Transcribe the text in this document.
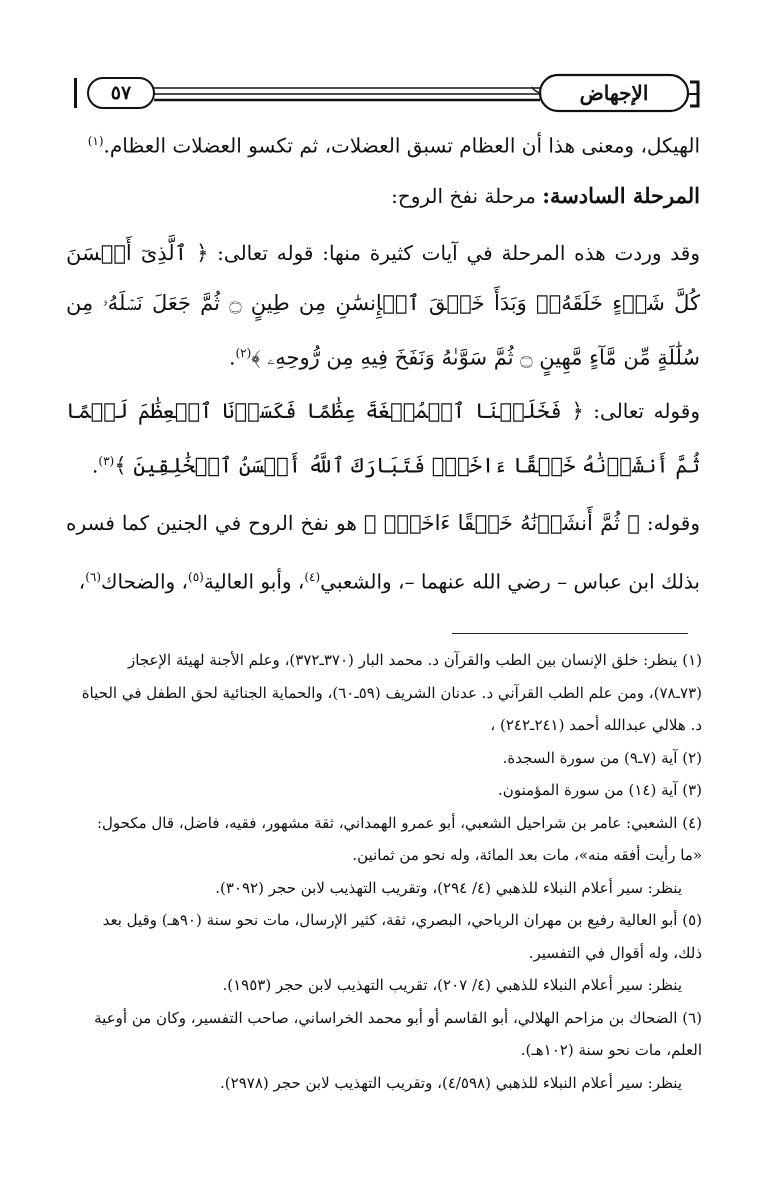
الإجهاض
٥٧
الهيكل، ومعنى هذا أن العظام تسبق العضلات، ثم تكسو العضلات العظام.$^{(١)}$
المرحلة السادسة: مرحلة نفخ الروح:
وقد وردت هذه المرحلة في آيات كثيرة منها: قوله تعالى: ﴿ ٱلَّذِىٓ أَحۡسَنَ كُلَّ شَىۡءٍ خَلَقَهُۥۖ وَبَدَأَ خَلۡقَ ٱلۡإِنسَٰنِ مِن طِينٍ ۝ ثُمَّ جَعَلَ نَسۡلَهُۥ مِن سُلَٰلَةٍ مِّن مَّآءٍ مَّهِينٍ ۝ ثُمَّ سَوَّىٰهُ وَنَفَخَ فِيهِ مِن رُّوحِهِۦ ﴾$^{(٢)}$.
وقوله تعالى: ﴿ فَخَلَقۡنَا ٱلۡمُضۡغَةَ عِظَٰمًا فَكَسَوۡنَا ٱلۡعِظَٰمَ لَحۡمًا ثُمَّ أَنشَأۡنَٰهُ خَلۡقًا ءَاخَرَۚ فَتَبَارَكَ ٱللَّهُ أَحۡسَنُ ٱلۡخَٰلِقِينَ ﴾$^{(٣)}$.
وقوله: ﴿ ثُمَّ أَنشَأۡنَٰهُ خَلۡقًا ءَاخَرَۚ ﴾ هو نفخ الروح في الجنين كما فسره بذلك ابن عباس – رضي الله عنهما –، والشعبي$^{(٤)}$، وأبو العالية$^{(٥)}$، والضحاك$^{(٦)}$،

(١) ينظر: خلق الإنسان بين الطب والقرآن د. محمد البار (٣٧٠ـ٣٧٢)، وعلم الأجنة لهيئة الإعجاز (٧٣ـ٧٨)، ومن علم الطب القرآني د. عدنان الشريف (٥٩ـ٦٠)، والحماية الجنائية لحق الطفل في الحياة د. هلالي عبدالله أحمد (٢٤١ـ٢٤٢) ،

(٢) آية (٧ـ٩) من سورة السجدة.

(٣) آية (١٤) من سورة المؤمنون.

(٤) الشعبي: عامر بن شراحيل الشعبي، أبو عمرو الهمداني، ثقة مشهور، فقيه، فاضل، قال مكحول: «ما رأيت أفقه منه»، مات بعد المائة، وله نحو من ثمانين.

ينظر: سير أعلام النبلاء للذهبي (٤/ ٢٩٤)، وتقريب التهذيب لابن حجر (٣٠٩٢).

(٥) أبو العالية رفيع بن مهران الرياحي، البصري، ثقة، كثير الإرسال، مات نحو سنة (٩٠هـ) وقيل بعد ذلك، وله أقوال في التفسير.

ينظر: سير أعلام النبلاء للذهبي (٤/ ٢٠٧)، تقريب التهذيب لابن حجر (١٩٥٣).

(٦) الضحاك بن مزاحم الهلالي، أبو القاسم أو أبو محمد الخراساني، صاحب التفسير، وكان من أوعية العلم، مات نحو سنة (١٠٢هـ).

ينظر: سير أعلام النبلاء للذهبي (٤/٥٩٨)، وتقريب التهذيب لابن حجر (٢٩٧٨).
